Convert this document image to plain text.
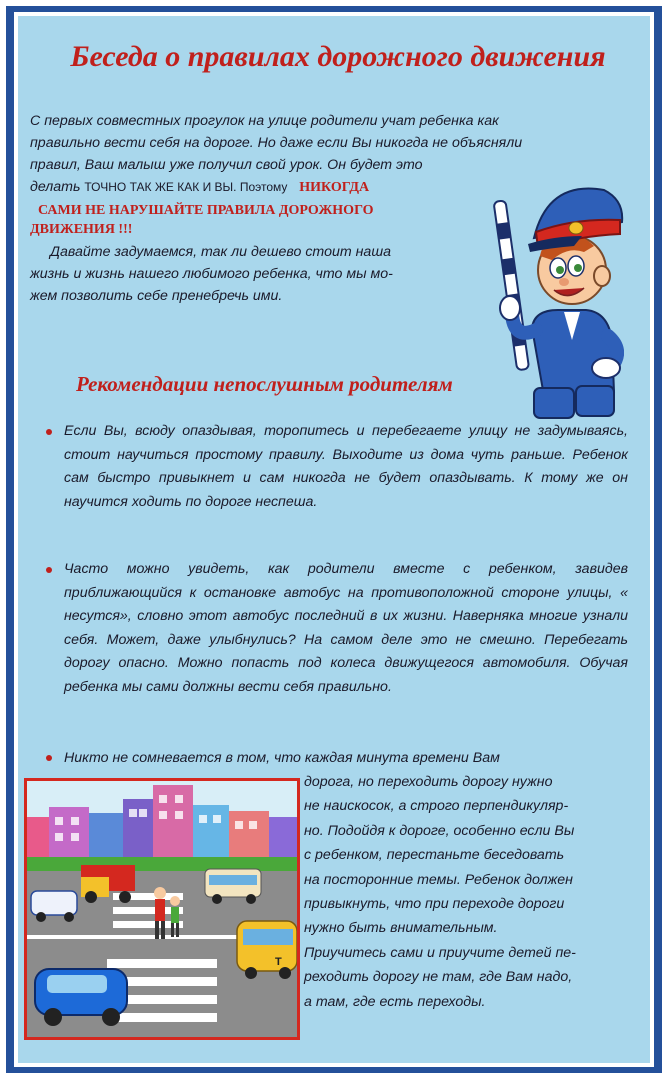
Беседа о правилах дорожного движения
С первых совместных прогулок на улице родители учат ребенка как
правильно вести себя на дороге. Но даже если Вы никогда не объясняли
правил, Ваш малыш уже получил свой урок. Он будет это
делать ТОЧНО ТАК ЖЕ КАК И ВЫ. Поэтому НИКОГДА
САМИ НЕ НАРУШАЙТЕ ПРАВИЛА ДОРОЖНОГО
ДВИЖЕНИЯ !!!
Давайте задумаемся, так ли дешево стоит наша
жизнь и жизнь нашего любимого ребенка, что мы мо-
жем позволить себе пренебречь ими.
Рекомендации непослушным родителям
Если Вы, всюду опаздывая, торопитесь и перебегаете улицу не задумываясь, стоит научиться простому правилу. Выходите из дома чуть раньше. Ребенок сам быстро привыкнет и сам никогда не будет опаздывать. К тому же он научится ходить по дороге неспеша.
Часто можно увидеть, как родители вместе с ребенком, завидев приближающийся к остановке автобус на противоположной стороне улицы, « несутся», словно этот автобус последний в их жизни. Наверняка многие узнали себя. Может, даже улыбнулись? На самом деле это не смешно. Перебегать дорогу опасно. Можно попасть под колеса движущегося автомобиля. Обучая ребенка мы сами должны вести себя правильно.
Никто не сомневается в том, что каждая минута времени Вам
дорога, но переходить дорогу нужно
не наискосок, а строго перпендикуляр-
но. Подойдя к дороге, особенно если Вы
с ребенком, перестаньте беседовать
на посторонние темы. Ребенок должен
привыкнуть, что при переходе дороги
нужно быть внимательным.
Приучитесь сами и приучите детей пе-
реходить дорогу не там, где Вам надо,
а там, где есть переходы.
T
